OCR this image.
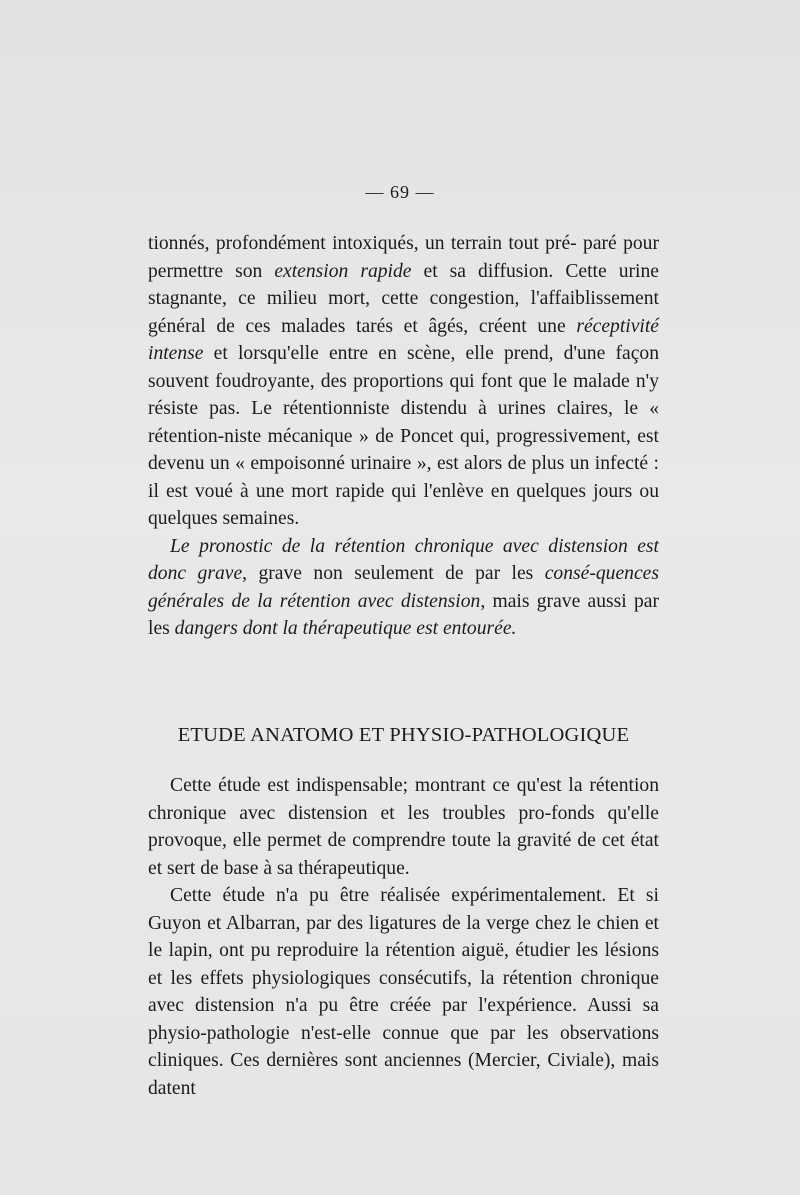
— 69 —

tionnés, profondément intoxiqués, un terrain tout pré- paré pour permettre son extension rapide et sa diffusion. Cette urine stagnante, ce milieu mort, cette congestion, l'affaiblissement général de ces malades tarés et âgés, créent une réceptivité intense et lorsqu'elle entre en scène, elle prend, d'une façon souvent foudroyante, des proportions qui font que le malade n'y résiste pas. Le rétentionniste distendu à urines claires, le « rétention-niste mécanique » de Poncet qui, progressivement, est devenu un « empoisonné urinaire », est alors de plus un infecté : il est voué à une mort rapide qui l'enlève en quelques jours ou quelques semaines.

Le pronostic de la rétention chronique avec distension est donc grave, grave non seulement de par les consé-quences générales de la rétention avec distension, mais grave aussi par les dangers dont la thérapeutique est entourée.

ETUDE ANATOMO ET PHYSIO-PATHOLOGIQUE

Cette étude est indispensable; montrant ce qu'est la rétention chronique avec distension et les troubles pro-fonds qu'elle provoque, elle permet de comprendre toute la gravité de cet état et sert de base à sa thérapeutique.

Cette étude n'a pu être réalisée expérimentalement. Et si Guyon et Albarran, par des ligatures de la verge chez le chien et le lapin, ont pu reproduire la rétention aiguë, étudier les lésions et les effets physiologiques consécutifs, la rétention chronique avec distension n'a pu être créée par l'expérience. Aussi sa physio-pathologie n'est-elle connue que par les observations cliniques. Ces dernières sont anciennes (Mercier, Civiale), mais datent
